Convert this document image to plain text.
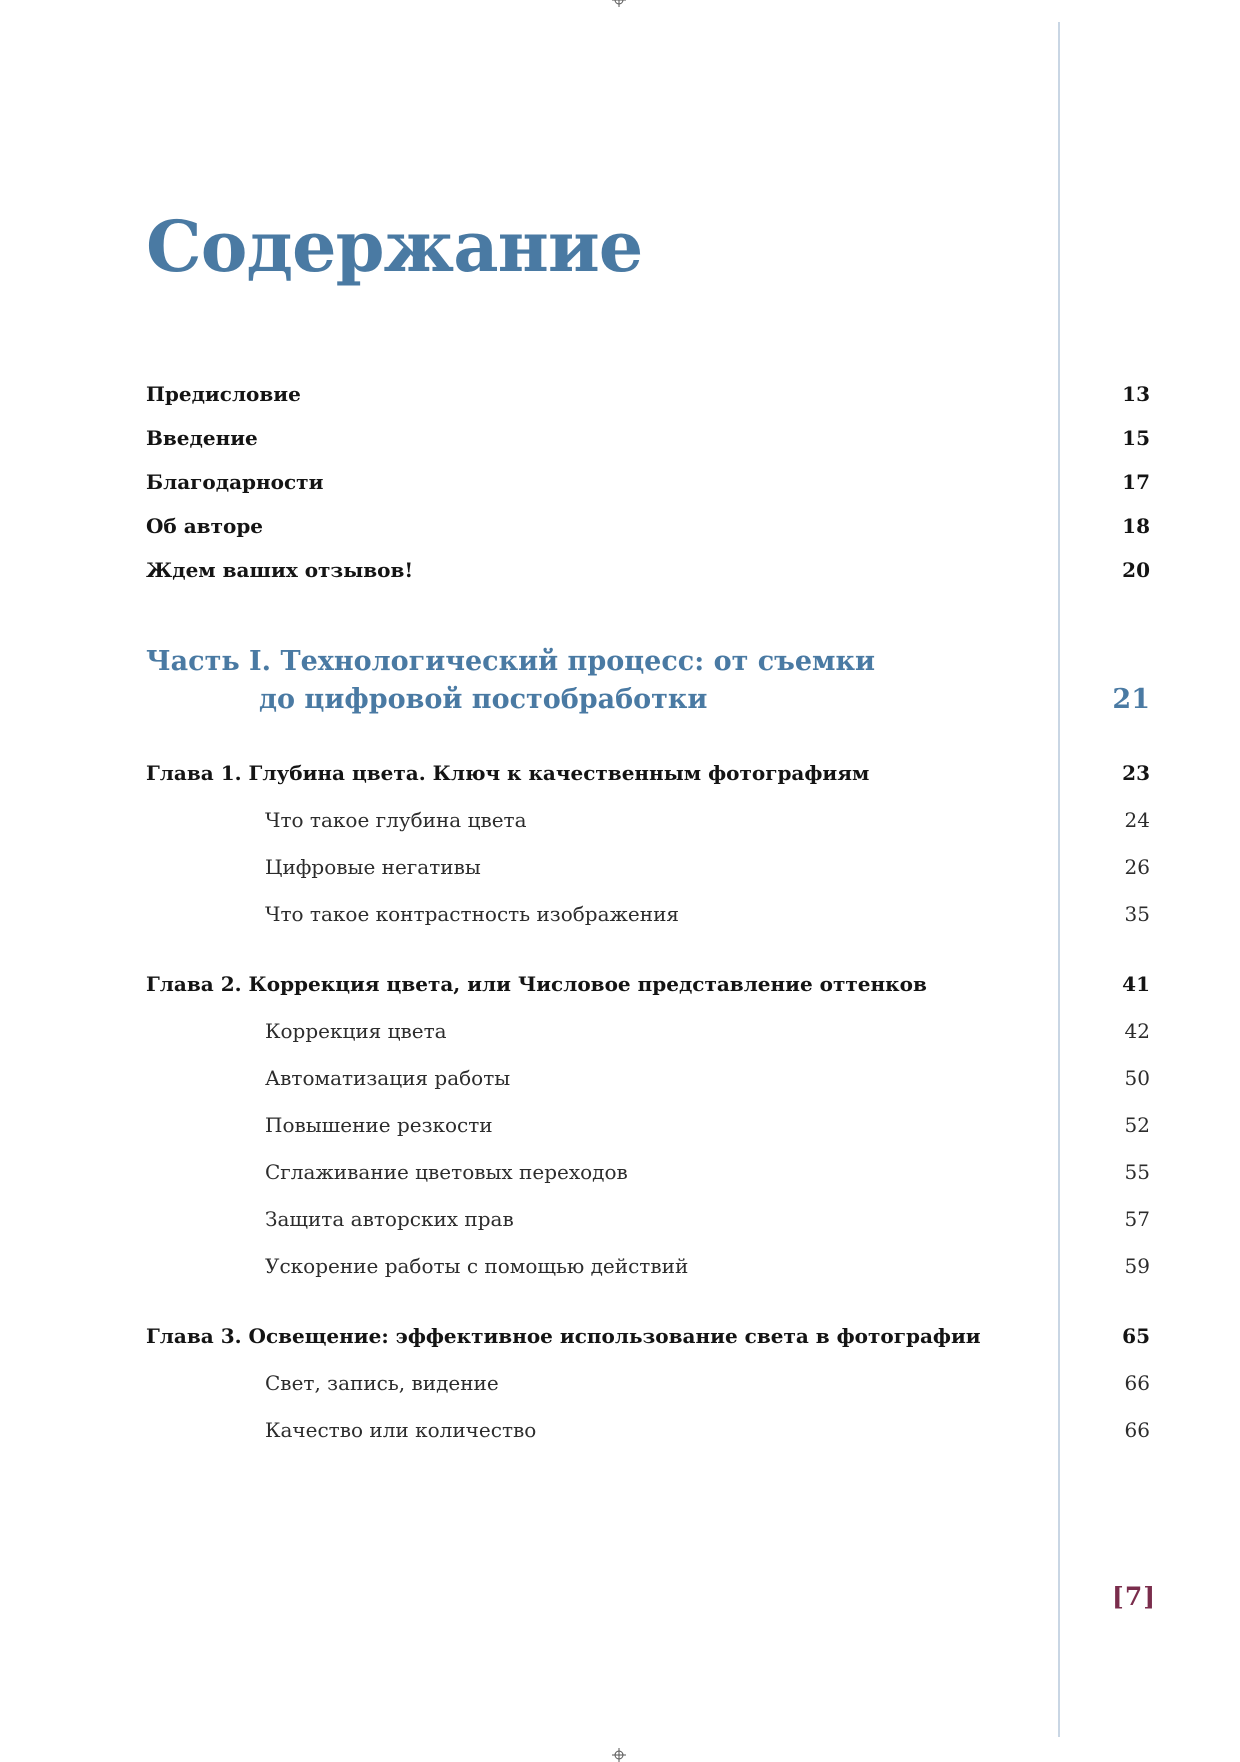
Содержание
Предисловие	13
Введение	15
Благодарности	17
Об авторе	18
Ждем ваших отзывов!	20
Часть I. Технологический процесс: от съемки
до цифровой постобработки	21
Глава 1. Глубина цвета. Ключ к качественным фотографиям	23
Что такое глубина цвета	24
Цифровые негативы	26
Что такое контрастность изображения	35
Глава 2. Коррекция цвета, или Числовое представление оттенков	41
Коррекция цвета	42
Автоматизация работы	50
Повышение резкости	52
Сглаживание цветовых переходов	55
Защита авторских прав	57
Ускорение работы с помощью действий	59
Глава 3. Освещение: эффективное использование света в фотографии	65
Свет, запись, видение	66
Качество или количество	66
[7]
